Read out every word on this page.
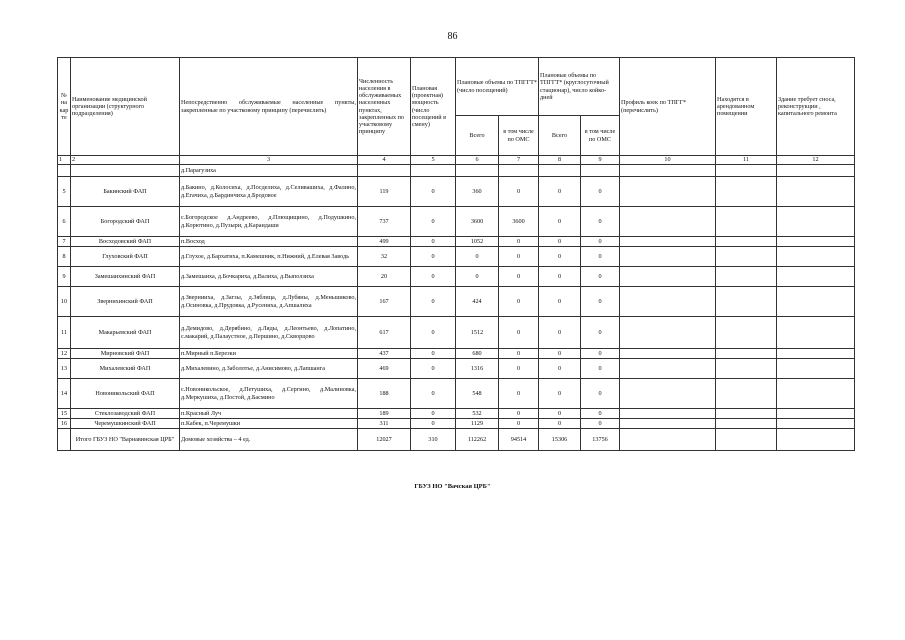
86
№ на кар те	Наименование медицинской организации (структурного подразделения)	Непосредственно обслуживаемые населенные пункты, закрепленные по участковому принципу (перечислить)	Численность населения в обслуживаемых населенных пунктах, закрепленных по участковому принципу	Плановая (проектная) мощность (число посещений в смену)	Плановые объемы по ТПГГТ* (число посещений)		Плановые объемы по ТПГГТ* (круглосуточный стационар), число койко-дней		Профиль коек по ТПГГ* (перечислить)	Находятся в арендованном помещении	Здание требует сноса, реконструкции , капитального ремонта
					Всего	в том числе по ОМС	Всего	в том числе по ОМС			
1	2	3	4	5	6	7	8	9	10	11	12
		д.Парагузиха									
5	Бакинский ФАП	д.Бакино, д.Колосиха, д.Посделиха, д.Селивашиха, д.Фалино, д.Егачиха, д.Бардинчиха д.Бродовое	119	0	360	0	0	0			
6	Богородский ФАП	с.Богородское д.Андреево, д.Плющищино, д.Подушкино, д.Корютино, д.Пузыри, д.Карандаши	737	0	3600	3600	0	0			
7	Восходовский ФАП	п.Восход	499	0	1052	0	0	0			
8	Глуховский ФАП	д.Глухое, д.Бархатиха, п.Камешник, п.Нижний, д.Елевая Заводь	32	0	0	0	0	0			
9	Замешаихинский ФАП	д.Замешаиха, д.Бочкариха, д.Валиха, д.Выползиха	20	0	0	0	0	0			
10	Звернихинский ФАП	д.Звернииха, д.Загзы, д.Зяблица, д.Лубяны, д.Меньшиково, д.Осиновка, д.Прудовка, д.Русениха, д.Апшалиха	167	0	424	0	0	0			
11	Макарьевский ФАП	д.Демидово, д.Дерябино, д.Ляды, д.Леонтьево, д.Лопатино, с.макарий, д.Палаустное, д.Першино, д.Скворцово	617	0	1512	0	0	0			
12	Мирновский ФАП	п.Мирный п.Березки	437	0	680	0	0	0			
13	Михалевский ФАП	д.Михалевино, д.Заболотье, д.Анисимово, д.Лапшанга	469	0	1316	0	0	0			
14	Новоникольский ФАП	с.Новоникольское, д.Петушиха, д.Сергино, д.Малиновка, д.Меркушиха, д.Постой, д.Басмино	188	0	548	0	0	0			
15	Стеклозаводский ФАП	п.Красный Луч	189	0	532	0	0	0			
16	Черемушкинский ФАП	п.Кабек, п.Черемушки	311	0	1129	0	0	0			
	Итого ГБУЗ НО "Варнавинская ЦРБ"	Домовые хозяйства – 4 ед.	12027	310	112262	94514	15306	13756			
ГБУЗ НО "Вачская ЦРБ"
